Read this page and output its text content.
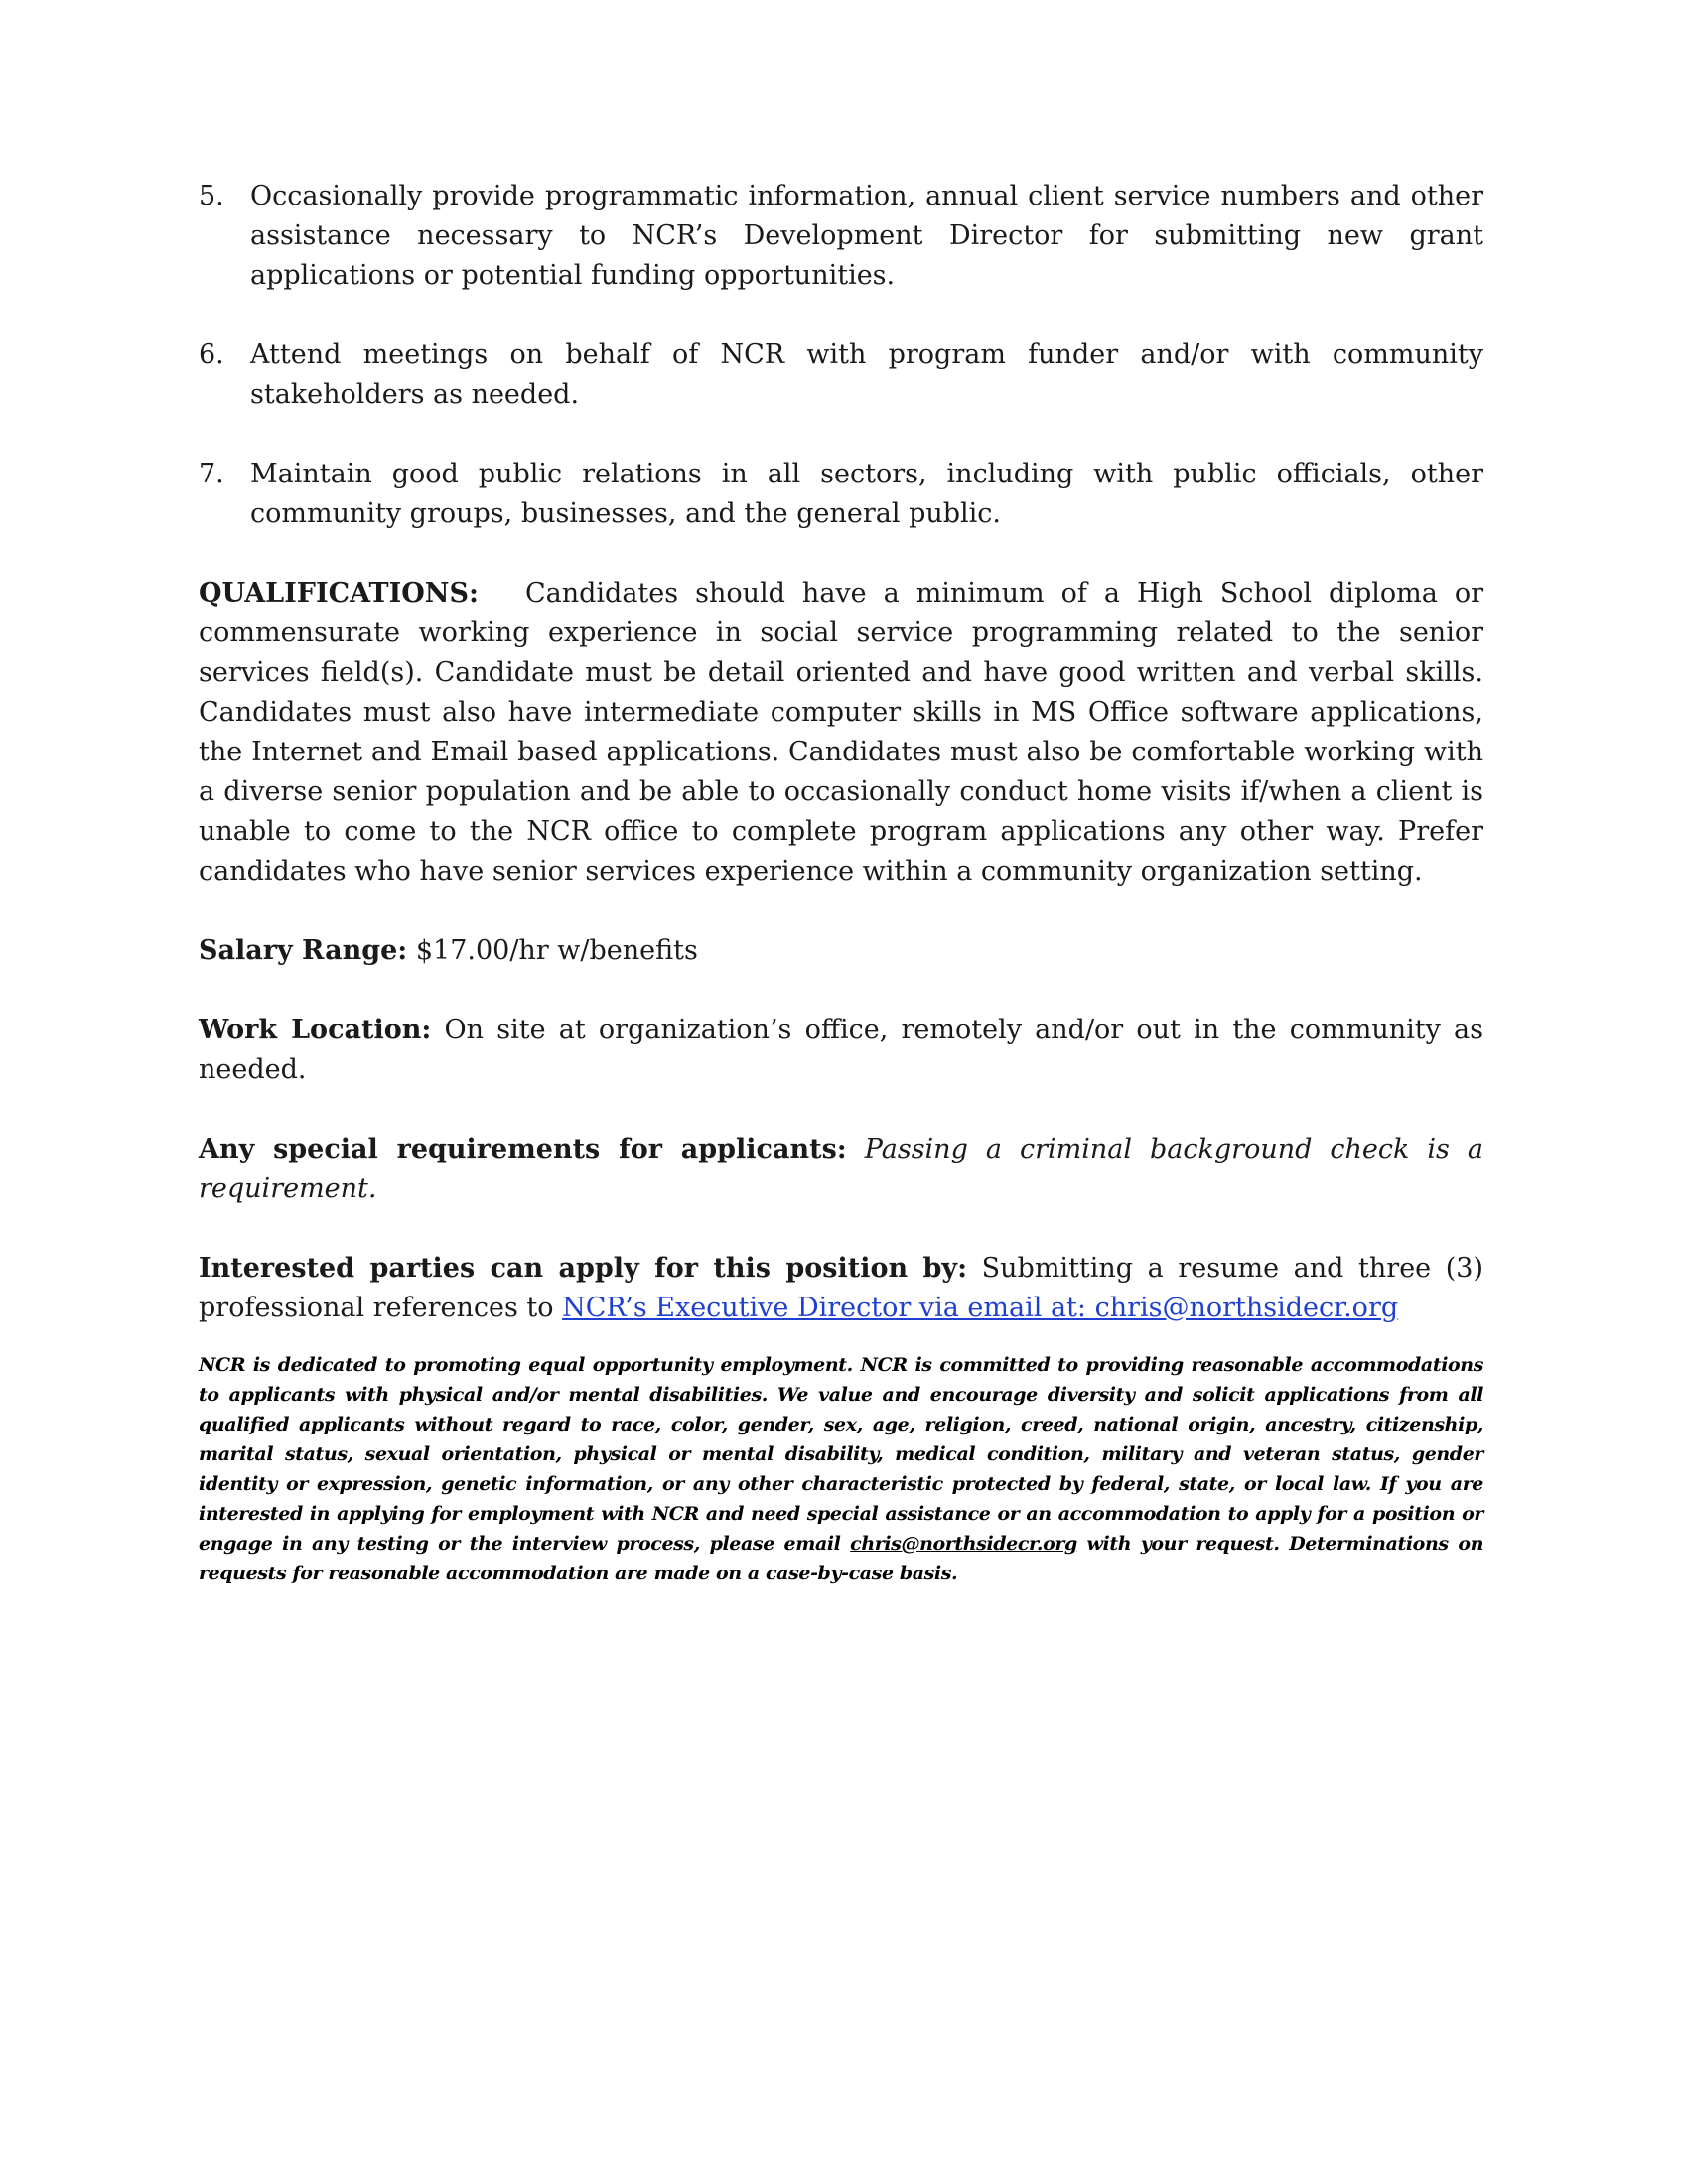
5. Occasionally provide programmatic information, annual client service numbers and other assistance necessary to NCR’s Development Director for submitting new grant applications or potential funding opportunities.
6. Attend meetings on behalf of NCR with program funder and/or with community stakeholders as needed.
7. Maintain good public relations in all sectors, including with public officials, other community groups, businesses, and the general public.

QUALIFICATIONS: Candidates should have a minimum of a High School diploma or commensurate working experience in social service programming related to the senior services field(s). Candidate must be detail oriented and have good written and verbal skills. Candidates must also have intermediate computer skills in MS Office software applications, the Internet and Email based applications. Candidates must also be comfortable working with a diverse senior population and be able to occasionally conduct home visits if/when a client is unable to come to the NCR office to complete program applications any other way. Prefer candidates who have senior services experience within a community organization setting.

Salary Range: $17.00/hr w/benefits

Work Location: On site at organization’s office, remotely and/or out in the community as needed.

Any special requirements for applicants: Passing a criminal background check is a requirement.

Interested parties can apply for this position by: Submitting a resume and three (3) professional references to NCR’s Executive Director via email at: chris@northsidecr.org

NCR is dedicated to promoting equal opportunity employment. NCR is committed to providing reasonable accommodations to applicants with physical and/or mental disabilities. We value and encourage diversity and solicit applications from all qualified applicants without regard to race, color, gender, sex, age, religion, creed, national origin, ancestry, citizenship, marital status, sexual orientation, physical or mental disability, medical condition, military and veteran status, gender identity or expression, genetic information, or any other characteristic protected by federal, state, or local law. If you are interested in applying for employment with NCR and need special assistance or an accommodation to apply for a position or engage in any testing or the interview process, please email chris@northsidecr.org with your request. Determinations on requests for reasonable accommodation are made on a case-by-case basis.
